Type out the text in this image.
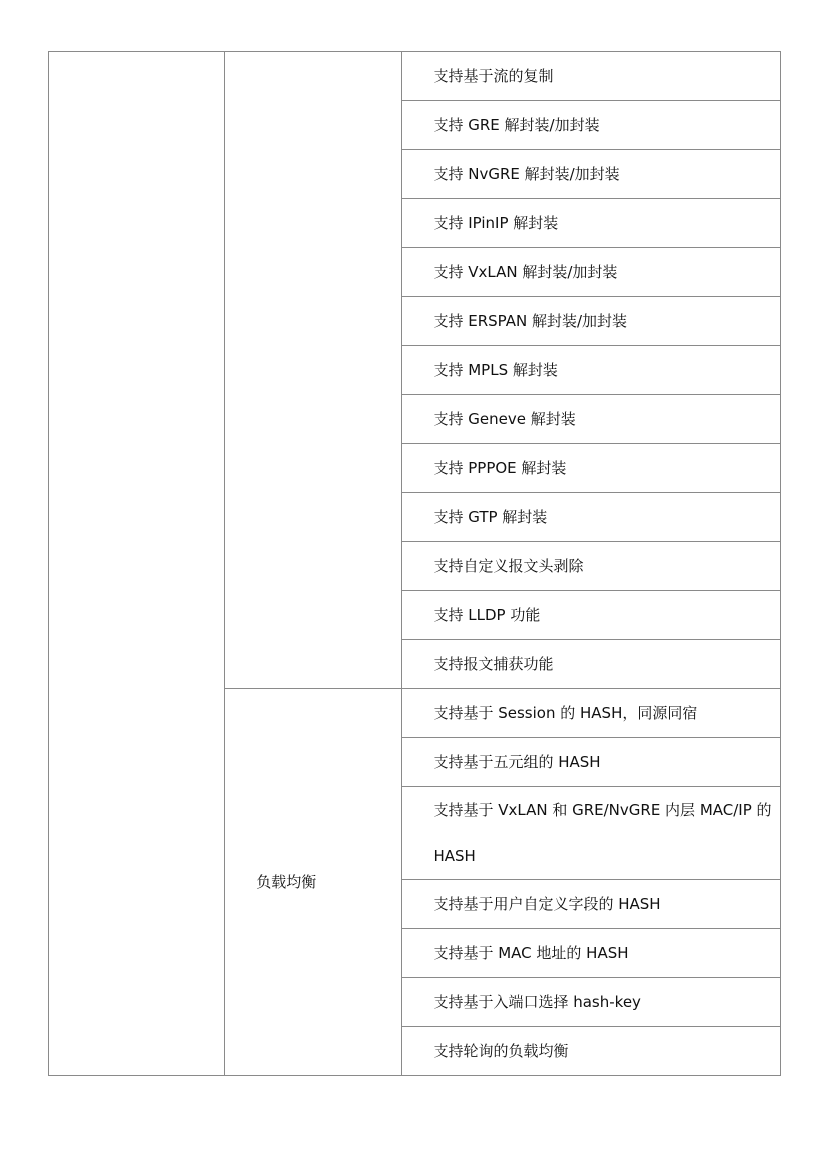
		支持基于流的复制
		支持 GRE 解封装/加封装
		支持 NvGRE 解封装/加封装
		支持 IPinIP 解封装
		支持 VxLAN 解封装/加封装
		支持 ERSPAN 解封装/加封装
		支持 MPLS 解封装
		支持 Geneve 解封装
		支持 PPPOE 解封装
		支持 GTP 解封装
		支持自定义报文头剥除
		支持 LLDP 功能
		支持报文捕获功能
	负载均衡	支持基于 Session 的 HASH，同源同宿
		支持基于五元组的 HASH
		支持基于 VxLAN 和 GRE/NvGRE 内层 MAC/IP 的 HASH
		支持基于用户自定义字段的 HASH
		支持基于 MAC 地址的 HASH
		支持基于入端口选择 hash-key
		支持轮询的负载均衡
